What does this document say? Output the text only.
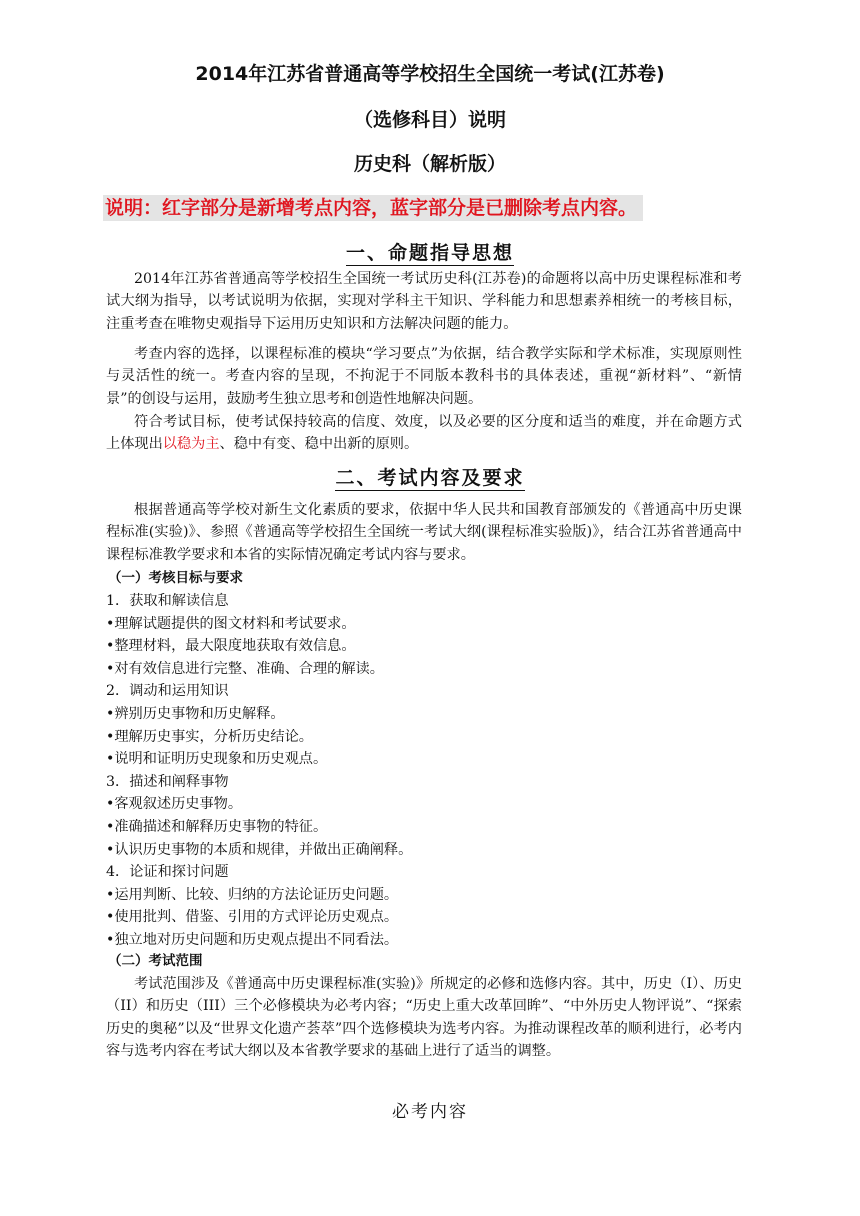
2014年江苏省普通高等学校招生全国统一考试(江苏卷)
（选修科目）说明
历史科（解析版）
说明：红字部分是新增考点内容，蓝字部分是已删除考点内容。
一、命题指导思想

2014年江苏省普通高等学校招生全国统一考试历史科(江苏卷)的命题将以高中历史课程标准和考试大纲为指导，以考试说明为依据，实现对学科主干知识、学科能力和思想素养相统一的考核目标，注重考查在唯物史观指导下运用历史知识和方法解决问题的能力。

考查内容的选择，以课程标准的模块“学习要点”为依据，结合教学实际和学术标准，实现原则性与灵活性的统一。考查内容的呈现，不拘泥于不同版本教科书的具体表述，重视“新材料”、“新情景”的创设与运用，鼓励考生独立思考和创造性地解决问题。

符合考试目标，使考试保持较高的信度、效度，以及必要的区分度和适当的难度，并在命题方式上体现出以稳为主、稳中有变、稳中出新的原则。

二、考试内容及要求

根据普通高等学校对新生文化素质的要求，依据中华人民共和国教育部颁发的《普通高中历史课程标准(实验)》、参照《普通高等学校招生全国统一考试大纲(课程标准实验版)》，结合江苏省普通高中课程标准教学要求和本省的实际情况确定考试内容与要求。

（一）考核目标与要求
1．获取和解读信息
•理解试题提供的图文材料和考试要求。
•整理材料，最大限度地获取有效信息。
•对有效信息进行完整、准确、合理的解读。
2．调动和运用知识
•辨别历史事物和历史解释。
•理解历史事实，分析历史结论。
•说明和证明历史现象和历史观点。
3．描述和阐释事物
•客观叙述历史事物。
•准确描述和解释历史事物的特征。
•认识历史事物的本质和规律，并做出正确阐释。
4．论证和探讨问题
•运用判断、比较、归纳的方法论证历史问题。
•使用批判、借鉴、引用的方式评论历史观点。
•独立地对历史问题和历史观点提出不同看法。
（二）考试范围

考试范围涉及《普通高中历史课程标准(实验)》所规定的必修和选修内容。其中，历史（I）、历史（II）和历史（III）三个必修模块为必考内容；“历史上重大改革回眸”、“中外历史人物评说”、“探索历史的奥秘”以及“世界文化遗产荟萃”四个选修模块为选考内容。为推动课程改革的顺利进行，必考内容与选考内容在考试大纲以及本省教学要求的基础上进行了适当的调整。

必考内容
